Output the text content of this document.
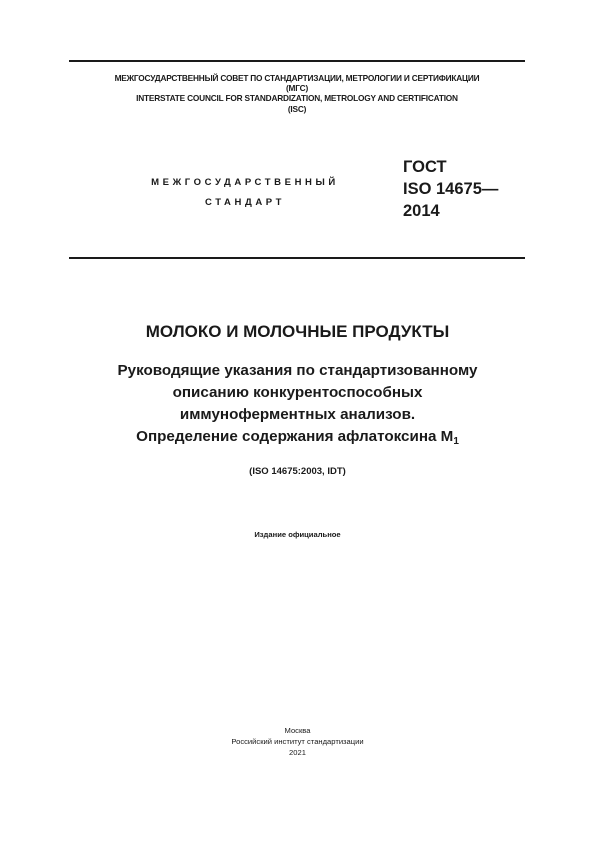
МЕЖГОСУДАРСТВЕННЫЙ СОВЕТ ПО СТАНДАРТИЗАЦИИ, МЕТРОЛОГИИ И СЕРТИФИКАЦИИ
(МГС)
INTERSTATE COUNCIL FOR STANDARDIZATION, METROLOGY AND CERTIFICATION
(ISC)
МЕЖГОСУДАРСТВЕННЫЙ
СТАНДАРТ
ГОСТ
ISO 14675—
2014
МОЛОКО И МОЛОЧНЫЕ ПРОДУКТЫ
Руководящие указания по стандартизованному
описанию конкурентоспособных
иммуноферментных анализов.
Определение содержания афлатоксина $M_1$
(ISO 14675:2003, IDT)
Издание официальное
Москва
Российский институт стандартизации
2021
